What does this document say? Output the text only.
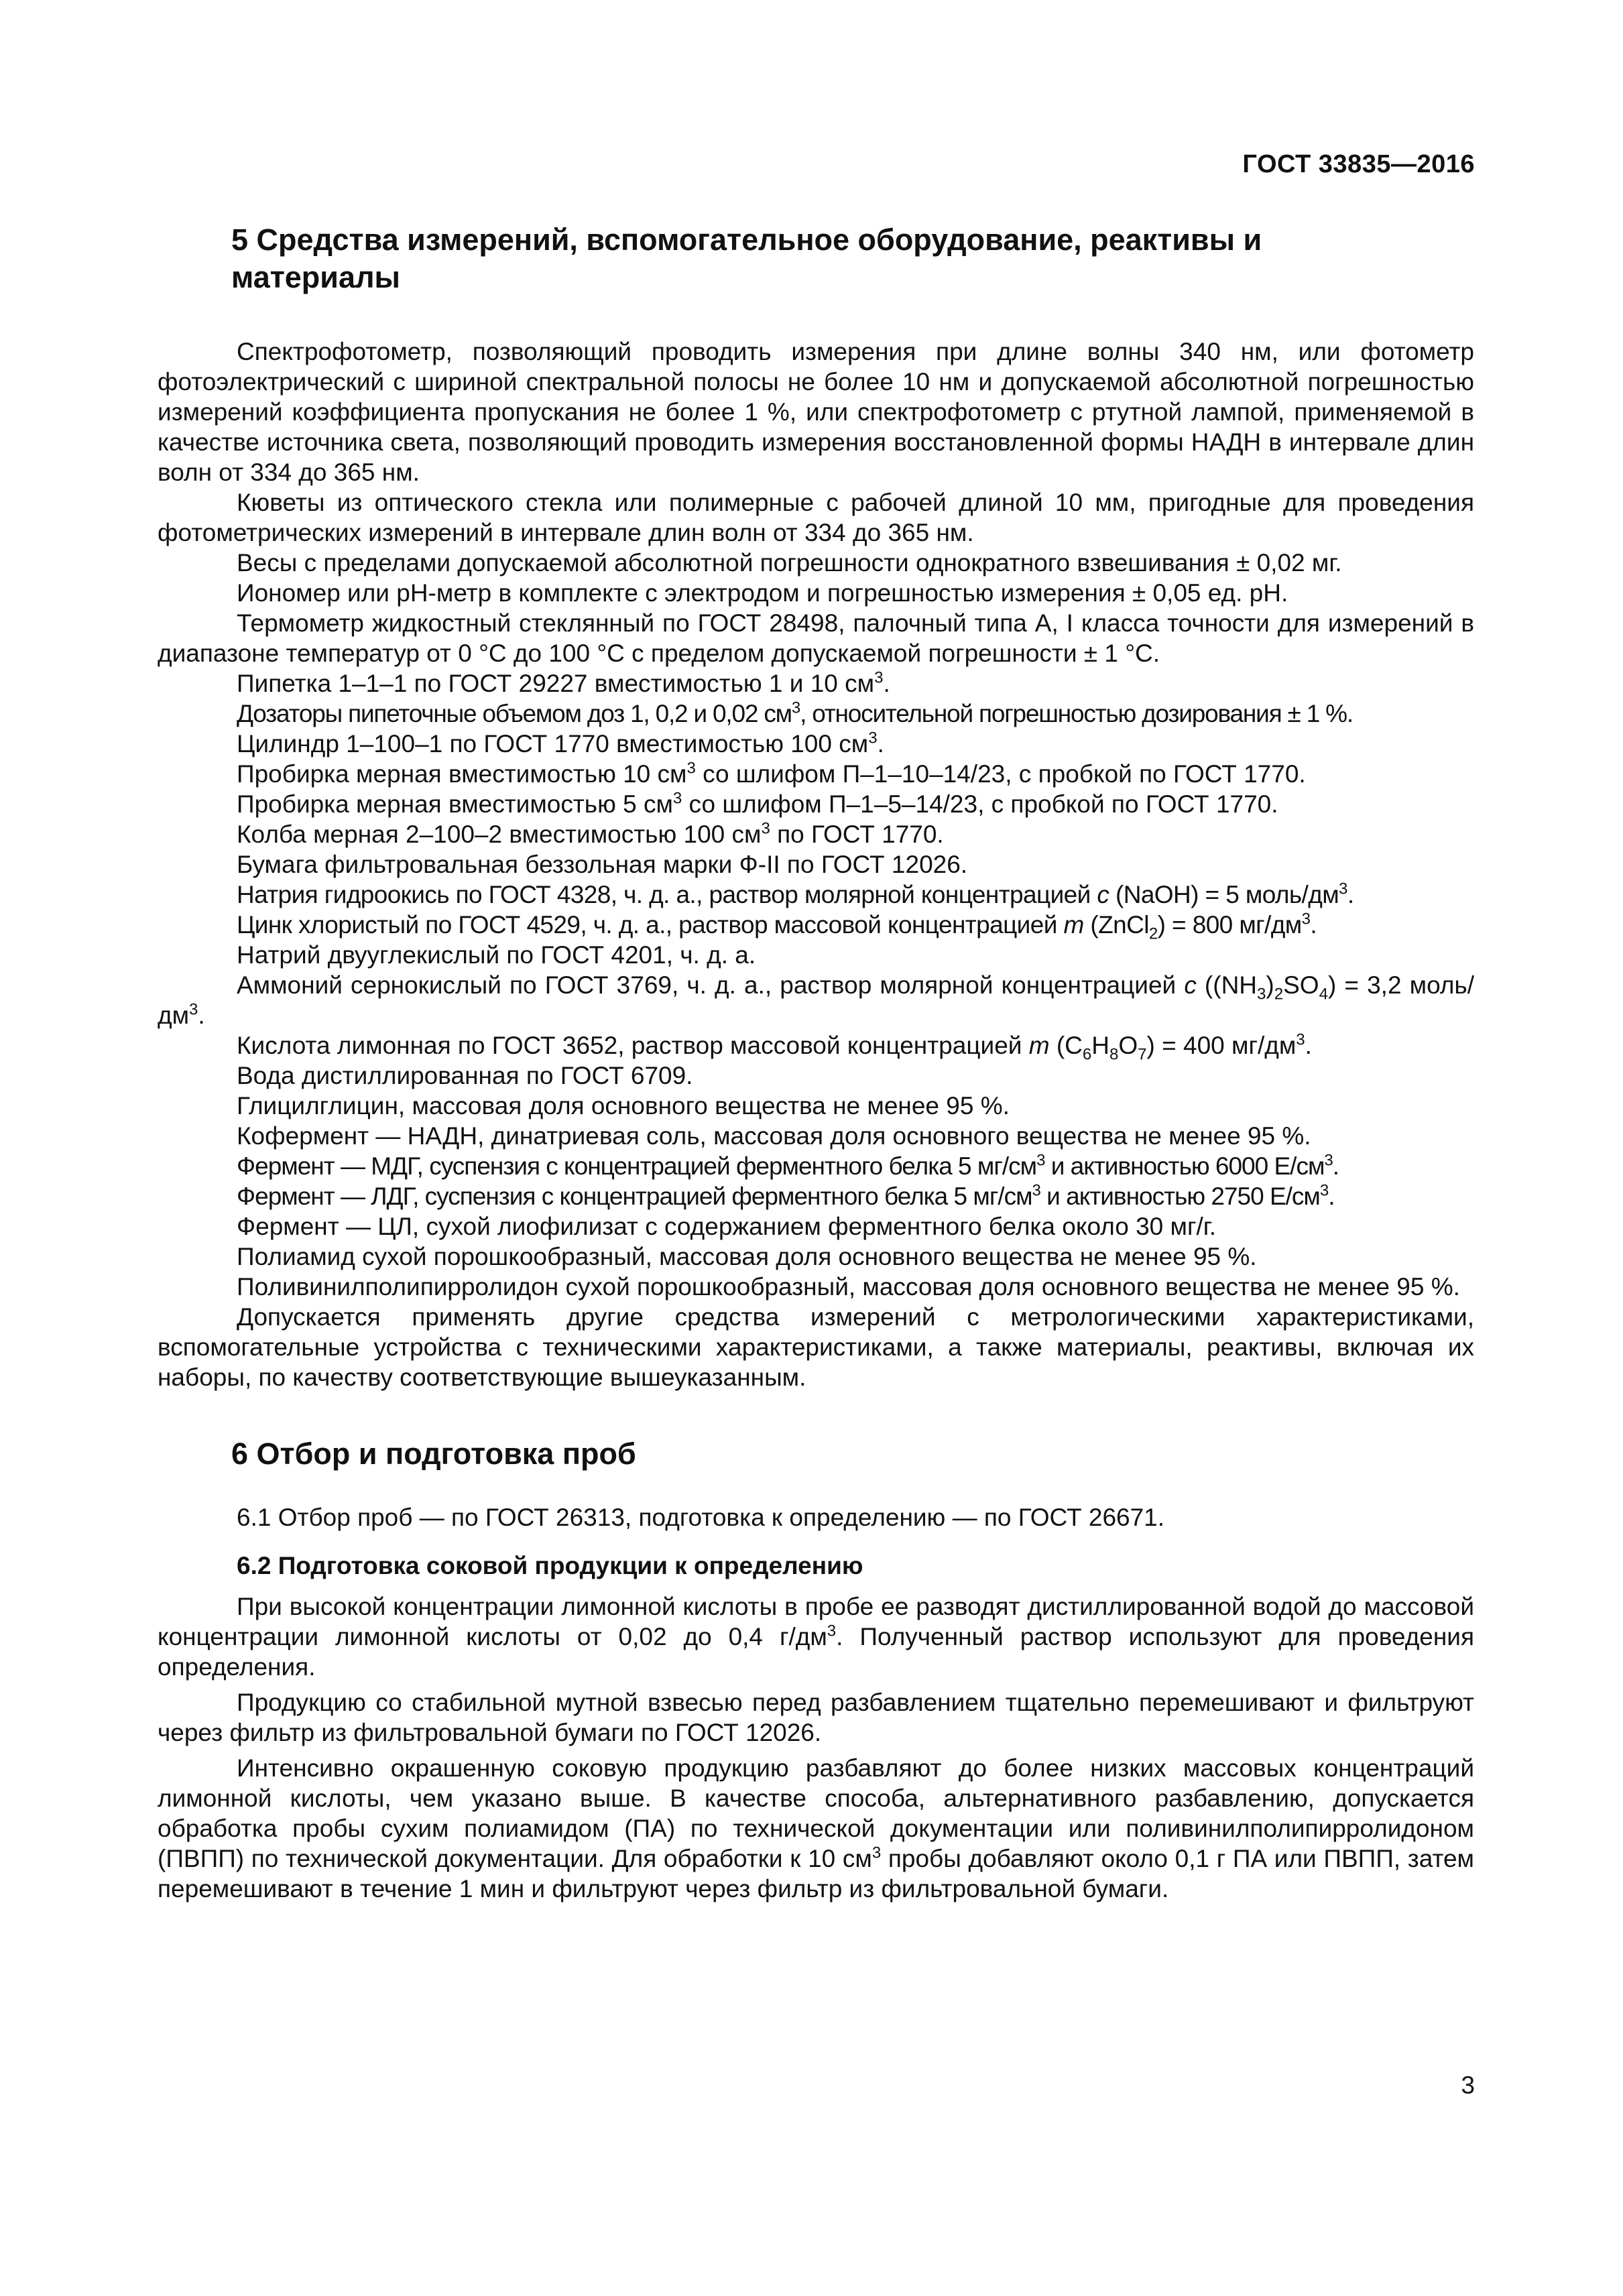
ГОСТ 33835—2016
5 Средства измерений, вспомогательное оборудование, реактивы и материалы

Спектрофотометр, позволяющий проводить измерения при длине волны 340 нм, или фотометр фотоэлектрический с шириной спектральной полосы не более 10 нм и допускаемой абсолютной погрешностью измерений коэффициента пропускания не более 1 %, или спектрофотометр с ртутной лампой, применяемой в качестве источника света, позволяющий проводить измерения восстановленной формы НАДН в интервале длин волн от 334 до 365 нм.

Кюветы из оптического стекла или полимерные с рабочей длиной 10 мм, пригодные для проведения фотометрических измерений в интервале длин волн от 334 до 365 нм.

Весы с пределами допускаемой абсолютной погрешности однократного взвешивания ± 0,02 мг.

Иономер или pH-метр в комплекте с электродом и погрешностью измерения ± 0,05 ед. pH.

Термометр жидкостный стеклянный по ГОСТ 28498, палочный типа А, I класса точности для измерений в диапазоне температур от 0 °C до 100 °C с пределом допускаемой погрешности ± 1 °C.

Пипетка 1–1–1 по ГОСТ 29227 вместимостью 1 и 10 $см^3$.

Дозаторы пипеточные объемом доз 1, 0,2 и 0,02 $см^3$, относительной погрешностью дозирования ± 1 %.

Цилиндр 1–100–1 по ГОСТ 1770 вместимостью 100 $см^3$.

Пробирка мерная вместимостью 10 $см^3$ со шлифом П–1–10–14/23, с пробкой по ГОСТ 1770.

Пробирка мерная вместимостью 5 $см^3$ со шлифом П–1–5–14/23, с пробкой по ГОСТ 1770.

Колба мерная 2–100–2 вместимостью 100 $см^3$ по ГОСТ 1770.

Бумага фильтровальная беззольная марки Ф-II по ГОСТ 12026.

Натрия гидроокись по ГОСТ 4328, ч. д. а., раствор молярной концентрацией c (NaOH) = 5 моль/$дм^3$.

Цинк хлористый по ГОСТ 4529, ч. д. а., раствор массовой концентрацией m (ZnCl$_2$) = 800 $мг/дм^3$.

Натрий двууглекислый по ГОСТ 4201, ч. д. а.

Аммоний сернокислый по ГОСТ 3769, ч. д. а., раствор молярной концентрацией c $((NH_3)_2SO_4) = 3,2$ моль/$дм^3$.

Кислота лимонная по ГОСТ 3652, раствор массовой концентрацией m $(C_6H_8O_7) = 400$ $мг/дм^3$.

Вода дистиллированная по ГОСТ 6709.

Глицилглицин, массовая доля основного вещества не менее 95 %.

Кофермент — НАДН, динатриевая соль, массовая доля основного вещества не менее 95 %.

Фермент — МДГ, суспензия с концентрацией ферментного белка 5 $мг/см^3$ и активностью 6000 $Е/см^3$.

Фермент — ЛДГ, суспензия с концентрацией ферментного белка 5 $мг/см^3$ и активностью 2750 $Е/см^3$.

Фермент — ЦЛ, сухой лиофилизат с содержанием ферментного белка около 30 мг/г.

Полиамид сухой порошкообразный, массовая доля основного вещества не менее 95 %.

Поливинилполипирролидон сухой порошкообразный, массовая доля основного вещества не менее 95 %.

Допускается применять другие средства измерений с метрологическими характеристиками, вспомогательные устройства с техническими характеристиками, а также материалы, реактивы, включая их наборы, по качеству соответствующие вышеуказанным.

6 Отбор и подготовка проб

6.1 Отбор проб — по ГОСТ 26313, подготовка к определению — по ГОСТ 26671.

6.2 Подготовка соковой продукции к определению

При высокой концентрации лимонной кислоты в пробе ее разводят дистиллированной водой до массовой концентрации лимонной кислоты от 0,02 до 0,4 $г/дм^3$. Полученный раствор используют для проведения определения.

Продукцию со стабильной мутной взвесью перед разбавлением тщательно перемешивают и фильтруют через фильтр из фильтровальной бумаги по ГОСТ 12026.

Интенсивно окрашенную соковую продукцию разбавляют до более низких массовых концентраций лимонной кислоты, чем указано выше. В качестве способа, альтернативного разбавлению, допускается обработка пробы сухим полиамидом (ПА) по технической документации или поливинилполипирролидоном (ПВПП) по технической документации. Для обработки к 10 $см^3$ пробы добавляют около 0,1 г ПА или ПВПП, затем перемешивают в течение 1 мин и фильтруют через фильтр из фильтровальной бумаги.

3
